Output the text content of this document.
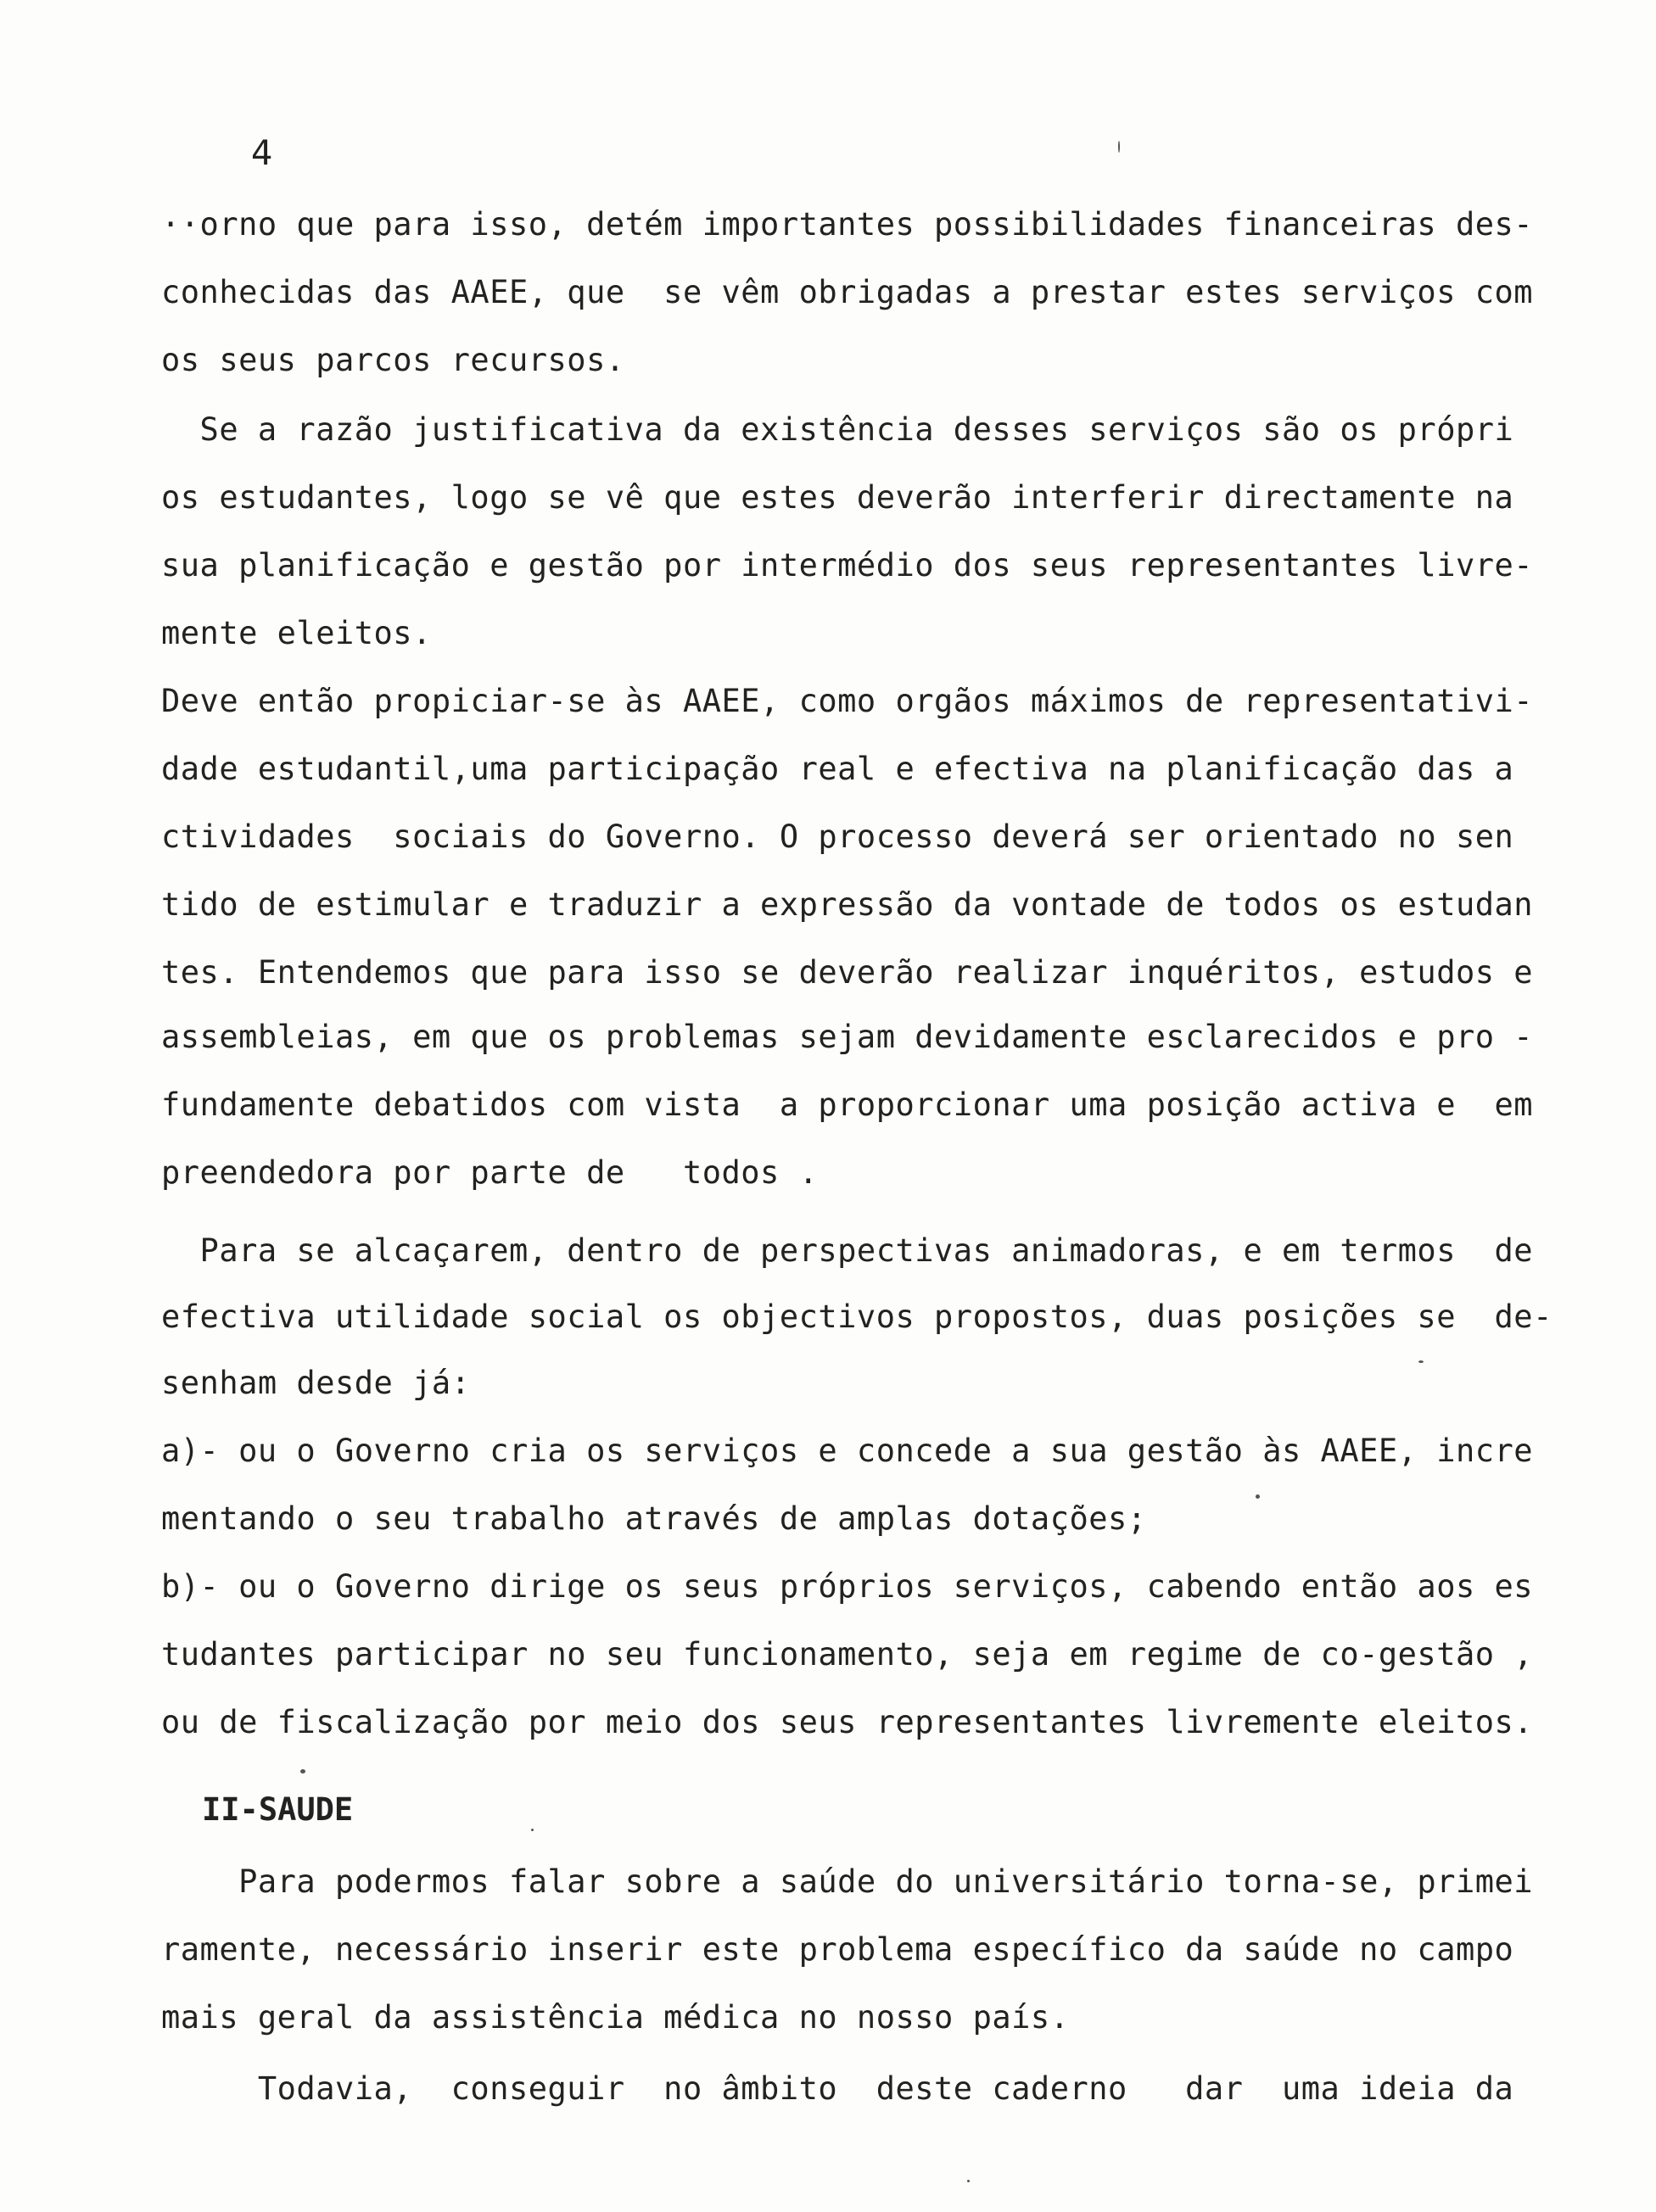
4
··orno que para isso, detém importantes possibilidades financeiras des-
conhecidas das AAEE, que  se vêm obrigadas a prestar estes serviços com
os seus parcos recursos.
Se a razão justificativa da existência desses serviços são os própri
os estudantes, logo se vê que estes deverão interferir directamente na
sua planificação e gestão por intermédio dos seus representantes livre-
mente eleitos.
Deve então propiciar-se às AAEE, como orgãos máximos de representativi-
dade estudantil,uma participação real e efectiva na planificação das a
ctividades  sociais do Governo. O processo deverá ser orientado no sen
tido de estimular e traduzir a expressão da vontade de todos os estudan
tes. Entendemos que para isso se deverão realizar inquéritos, estudos e
assembleias, em que os problemas sejam devidamente esclarecidos e pro -
fundamente debatidos com vista  a proporcionar uma posição activa e  em
preendedora por parte de   todos .
Para se alcaçarem, dentro de perspectivas animadoras, e em termos  de
efectiva utilidade social os objectivos propostos, duas posições se  de-
senham desde já:
a)- ou o Governo cria os serviços e concede a sua gestão às AAEE, incre
mentando o seu trabalho através de amplas dotações;
b)- ou o Governo dirige os seus próprios serviços, cabendo então aos es
tudantes participar no seu funcionamento, seja em regime de co-gestão ,
ou de fiscalização por meio dos seus representantes livremente eleitos.
II-SAUDE
Para podermos falar sobre a saúde do universitário torna-se, primei
ramente, necessário inserir este problema específico da saúde no campo
mais geral da assistência médica no nosso país.
Todavia,  conseguir  no âmbito  deste caderno   dar  uma ideia da
